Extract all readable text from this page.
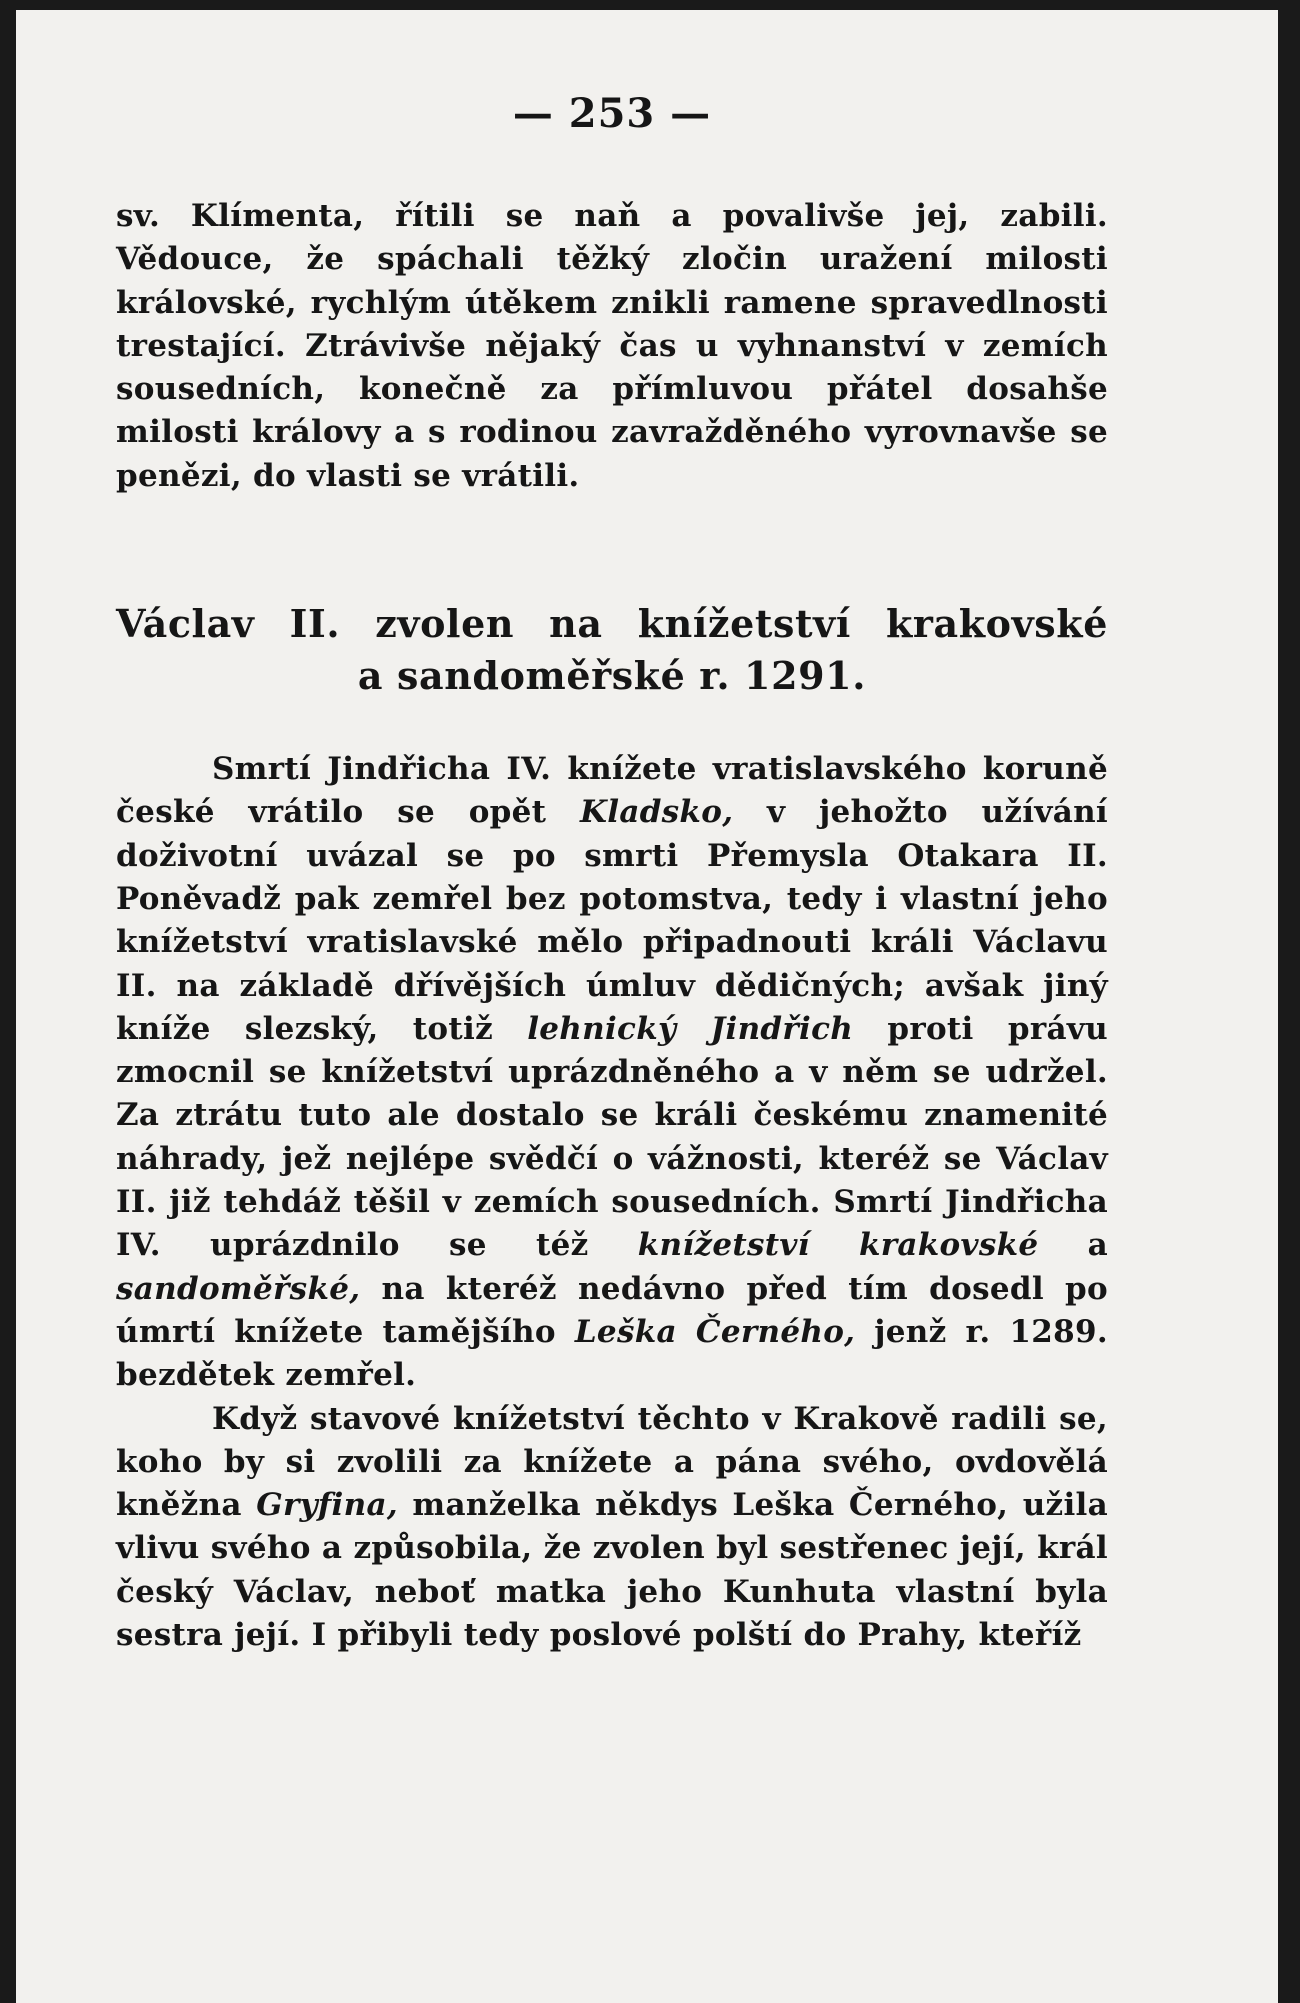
— 253 —

sv. Klímenta, řítili se naň a povalivše jej, zabili. Vědouce, že spáchali těžký zločin uražení milosti královské, rychlým útěkem znikli ramene spravedlnosti trestající. Ztrávivše nějaký čas u vyhnanství v zemích sousedních, konečně za přímluvou přátel dosahše milosti královy a s rodinou zavražděného vyrovnavše se penězi, do vlasti se vrátili.

Václav II. zvolen na knížetství krakovské
a sandoměřské r. 1291.

Smrtí Jindřicha IV. knížete vratislavského koruně české vrátilo se opět Kladsko, v jehožto užívání doživotní uvázal se po smrti Přemysla Otakara II. Poněvadž pak zemřel bez potomstva, tedy i vlastní jeho knížetství vratislavské mělo připadnouti králi Václavu II. na základě dřívějších úmluv dědičných; avšak jiný kníže slezský, totiž lehnický Jindřich proti právu zmocnil se knížetství uprázdněného a v něm se udržel. Za ztrátu tuto ale dostalo se králi českému znamenité náhrady, jež nejlépe svědčí o vážnosti, kteréž se Václav II. již tehdáž těšil v zemích sousedních. Smrtí Jindřicha IV. uprázdnilo se též knížetství krakovské a sandoměřské, na kteréž nedávno před tím dosedl po úmrtí knížete tamějšího Leška Černého, jenž r. 1289. bezdětek zemřel.

Když stavové knížetství těchto v Krakově radili se, koho by si zvolili za knížete a pána svého, ovdovělá kněžna Gryfina, manželka někdys Leška Černého, užila vlivu svého a způsobila, že zvolen byl sestřenec její, král český Václav, neboť matka jeho Kunhuta vlastní byla sestra její. I přibyli tedy poslové polští do Prahy, kteříž
